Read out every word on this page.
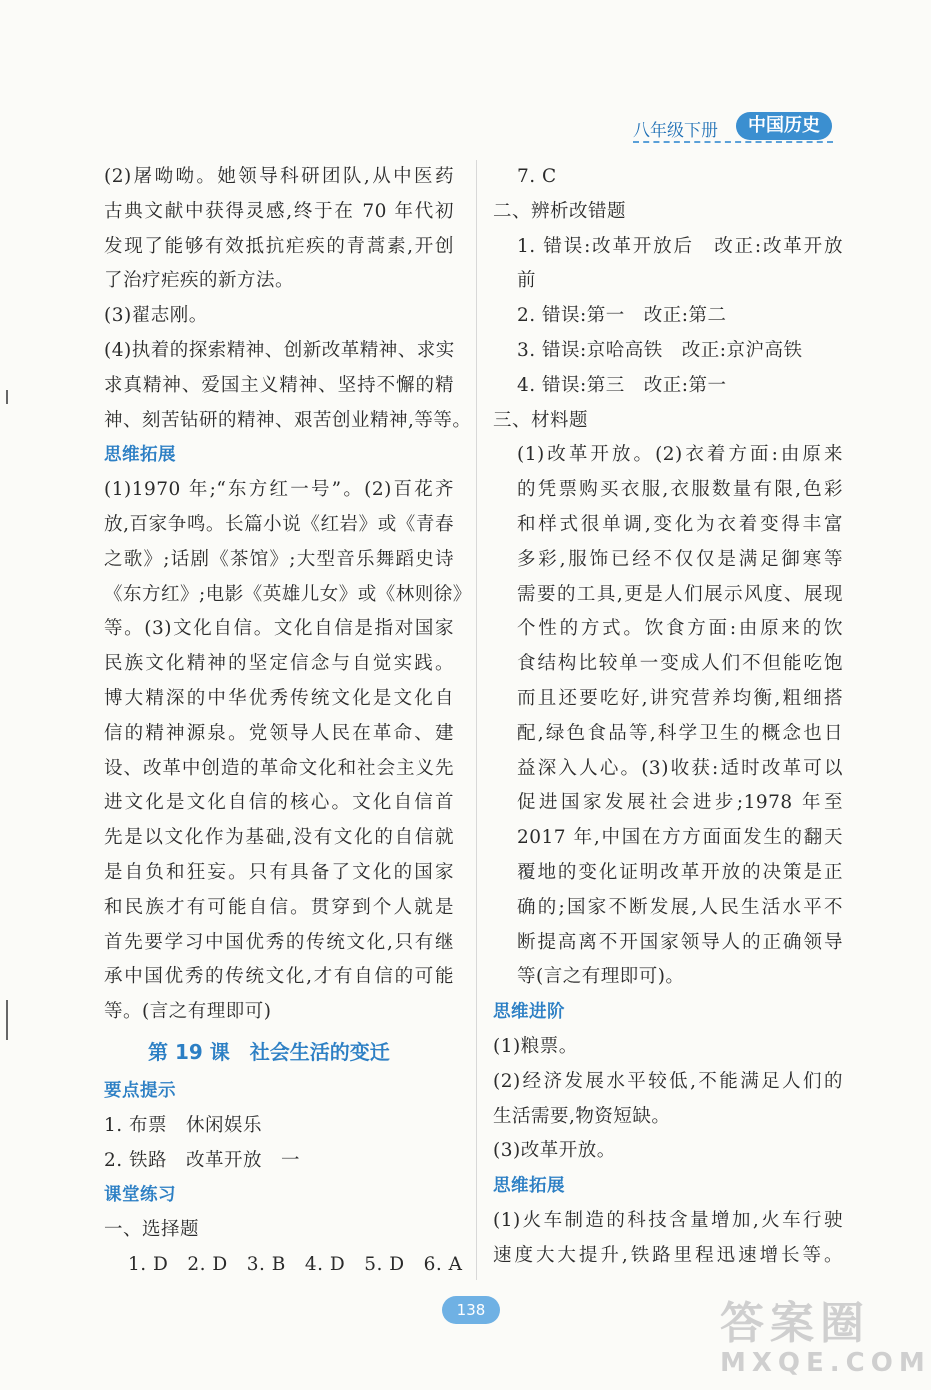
八年级下册	中国历史
(2)屠呦呦。她领导科研团队,从中医药
古典文献中获得灵感,终于在 70 年代初
发现了能够有效抵抗疟疾的青蒿素,开创
了治疗疟疾的新方法。
(3)翟志刚。
(4)执着的探索精神、创新改革精神、求实
求真精神、爱国主义精神、坚持不懈的精
神、刻苦钻研的精神、艰苦创业精神,等等。
思维拓展
(1)1970 年;“东方红一号”。(2)百花齐
放,百家争鸣。长篇小说《红岩》或《青春
之歌》;话剧《茶馆》;大型音乐舞蹈史诗
《东方红》;电影《英雄儿女》或《林则徐》
等。(3)文化自信。文化自信是指对国家
民族文化精神的坚定信念与自觉实践。
博大精深的中华优秀传统文化是文化自
信的精神源泉。党领导人民在革命、建
设、改革中创造的革命文化和社会主义先
进文化是文化自信的核心。文化自信首
先是以文化作为基础,没有文化的自信就
是自负和狂妄。只有具备了文化的国家
和民族才有可能自信。贯穿到个人就是
首先要学习中国优秀的传统文化,只有继
承中国优秀的传统文化,才有自信的可能
等。(言之有理即可)
第 19 课　社会生活的变迁
要点提示
1. 布票　休闲娱乐
2. 铁路　改革开放　一
课堂练习
一、选择题
1. D　2. D　3. B　4. D　5. D　6. A
7. C
二、辨析改错题
1. 错误:改革开放后　改正:改革开放
前
2. 错误:第一　改正:第二
3. 错误:京哈高铁　改正:京沪高铁
4. 错误:第三　改正:第一
三、材料题
(1)改革开放。(2)衣着方面:由原来
的凭票购买衣服,衣服数量有限,色彩
和样式很单调,变化为衣着变得丰富
多彩,服饰已经不仅仅是满足御寒等
需要的工具,更是人们展示风度、展现
个性的方式。饮食方面:由原来的饮
食结构比较单一变成人们不但能吃饱
而且还要吃好,讲究营养均衡,粗细搭
配,绿色食品等,科学卫生的概念也日
益深入人心。(3)收获:适时改革可以
促进国家发展社会进步;1978 年至
2017 年,中国在方方面面发生的翻天
覆地的变化证明改革开放的决策是正
确的;国家不断发展,人民生活水平不
断提高离不开国家领导人的正确领导
等(言之有理即可)。
思维进阶
(1)粮票。
(2)经济发展水平较低,不能满足人们的
生活需要,物资短缺。
(3)改革开放。
思维拓展
(1)火车制造的科技含量增加,火车行驶
速度大大提升,铁路里程迅速增长等。
138	答案圈
MXQE.COM
